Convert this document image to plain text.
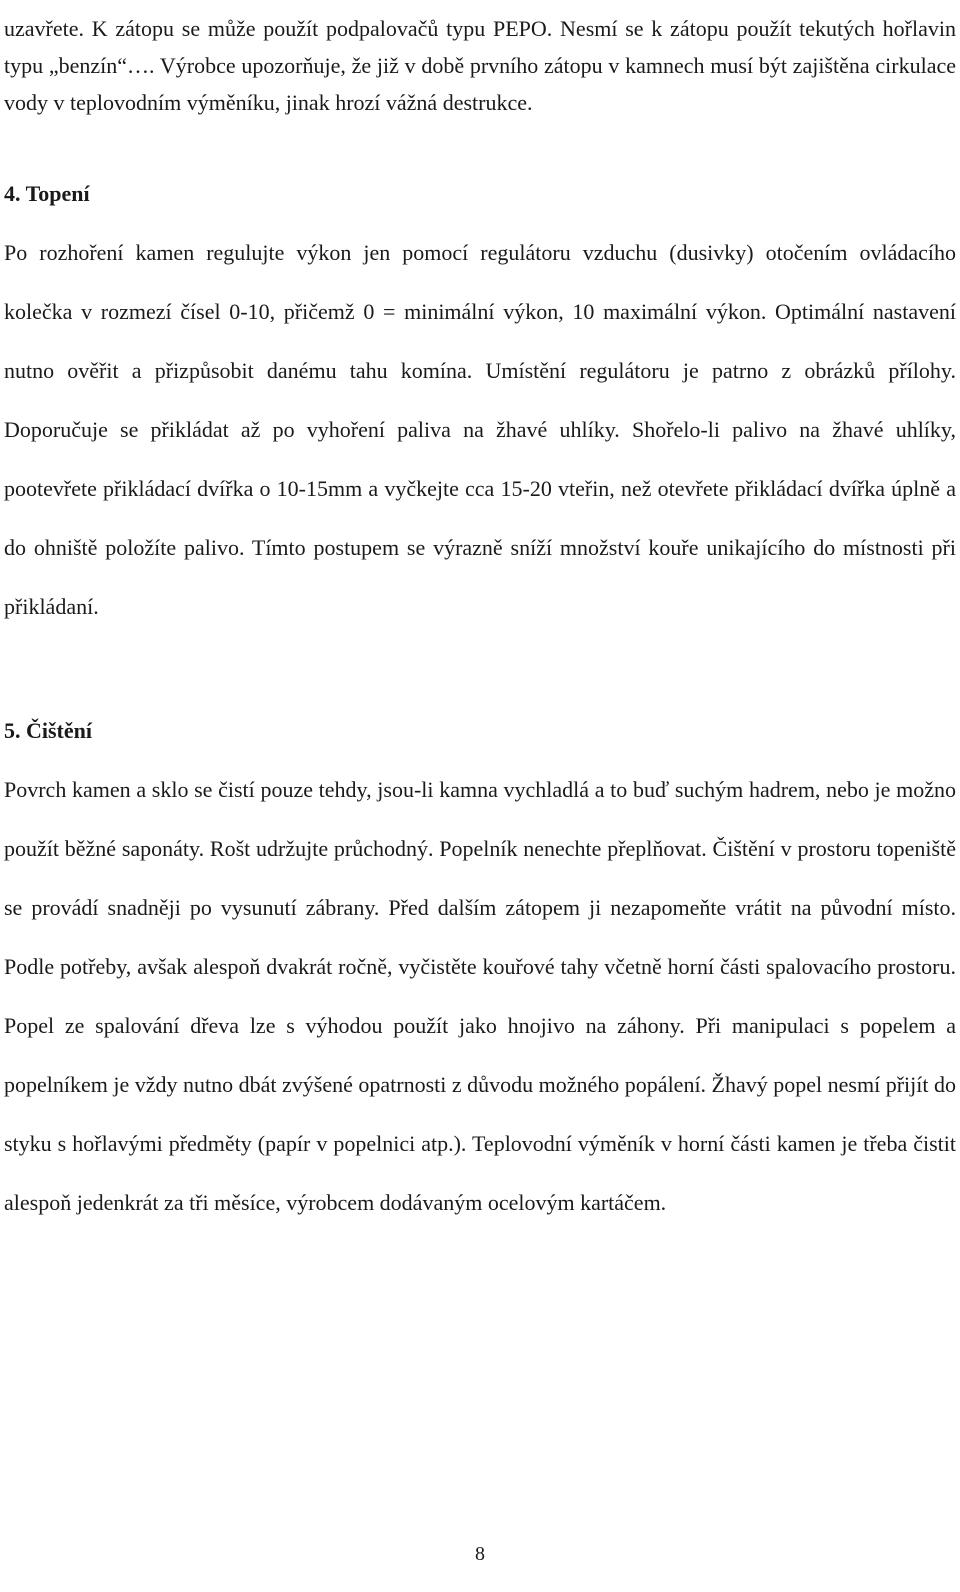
uzavřete. K zátopu se může použít podpalovačů typu PEPO. Nesmí se k zátopu použít tekutých hořlavin typu „benzín“…. Výrobce upozorňuje, že již v době prvního zátopu v kamnech musí být zajištěna cirkulace vody v teplovodním výměníku, jinak hrozí vážná destrukce.

4. Topení

Po rozhoření kamen regulujte výkon jen pomocí regulátoru vzduchu (dusivky) otočením ovládacího kolečka v rozmezí čísel 0-10, přičemž 0 = minimální výkon, 10 maximální výkon. Optimální nastavení nutno ověřit a přizpůsobit danému tahu komína. Umístění regulátoru je patrno z obrázků přílohy. Doporučuje se přikládat až po vyhoření paliva na žhavé uhlíky. Shořelo-li palivo na žhavé uhlíky, pootevřete přikládací dvířka o 10-15mm a vyčkejte cca 15-20 vteřin, než otevřete přikládací dvířka úplně a do ohniště položíte palivo. Tímto postupem se výrazně sníží množství kouře unikajícího do místnosti při přikládaní.

5. Čištění

Povrch kamen a sklo se čistí pouze tehdy, jsou-li kamna vychladlá a to buď suchým hadrem, nebo je možno použít běžné saponáty. Rošt udržujte průchodný. Popelník nenechte přeplňovat. Čištění v prostoru topeniště se provádí snadněji po vysunutí zábrany. Před dalším zátopem ji nezapomeňte vrátit na původní místo. Podle potřeby, avšak alespoň dvakrát ročně, vyčistěte kouřové tahy včetně horní části spalovacího prostoru. Popel ze spalování dřeva lze s výhodou použít jako hnojivo na záhony. Při manipulaci s popelem a popelníkem je vždy nutno dbát zvýšené opatrnosti z důvodu možného popálení. Žhavý popel nesmí přijít do styku s hořlavými předměty (papír v popelnici atp.). Teplovodní výměník v horní části kamen je třeba čistit alespoň jedenkrát za tři měsíce, výrobcem dodávaným ocelovým kartáčem.

8
